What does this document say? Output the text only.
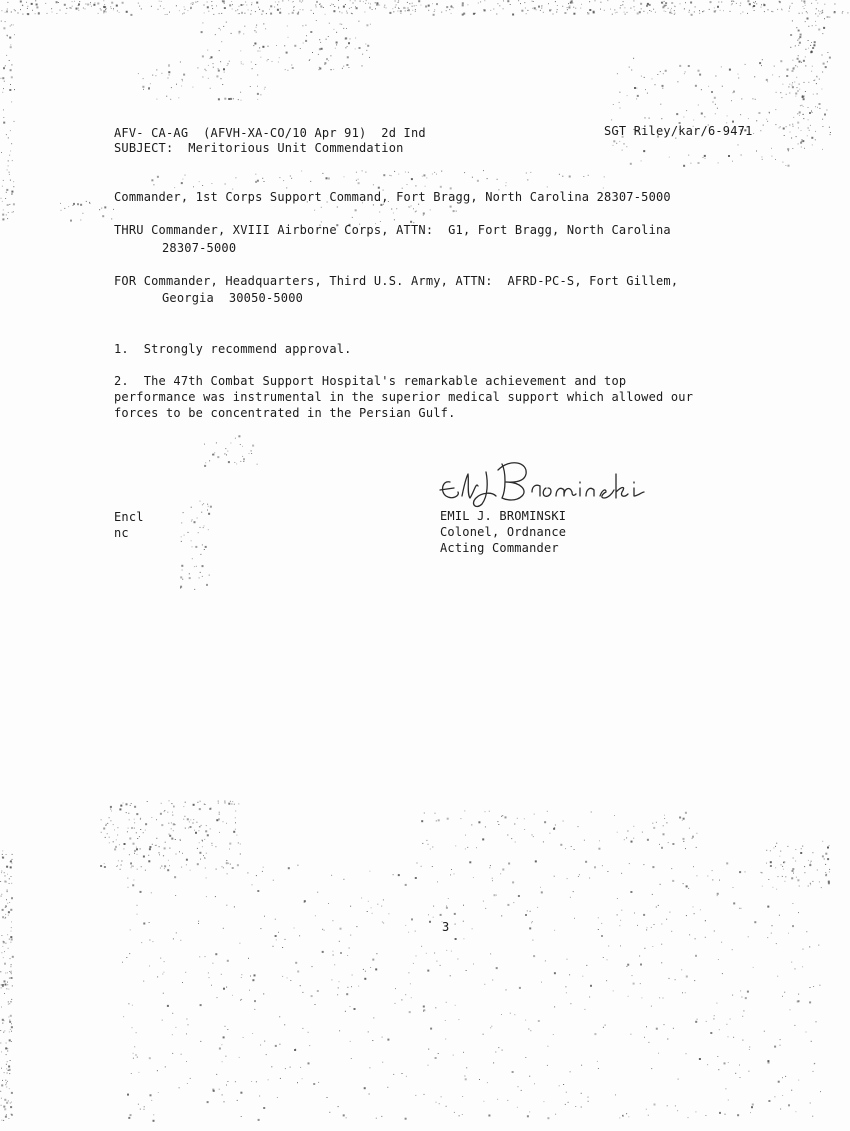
AFV- CA-AG  (AFVH-XA-CO/10 Apr 91)  2d Ind	SGT Riley/kar/6-9471
SUBJECT:  Meritorious Unit Commendation
Commander, 1st Corps Support Command, Fort Bragg, North Carolina 28307-5000
THRU Commander, XVIII Airborne Corps, ATTN:  G1, Fort Bragg, North Carolina
28307-5000
FOR Commander, Headquarters, Third U.S. Army, ATTN:  AFRD-PC-S, Fort Gillem,
Georgia  30050-5000
1.  Strongly recommend approval.
2.  The 47th Combat Support Hospital's remarkable achievement and top
performance was instrumental in the superior medical support which allowed our
forces to be concentrated in the Persian Gulf.
Encl
nc
EMIL J. BROMINSKI
Colonel, Ordnance
Acting Commander
3
